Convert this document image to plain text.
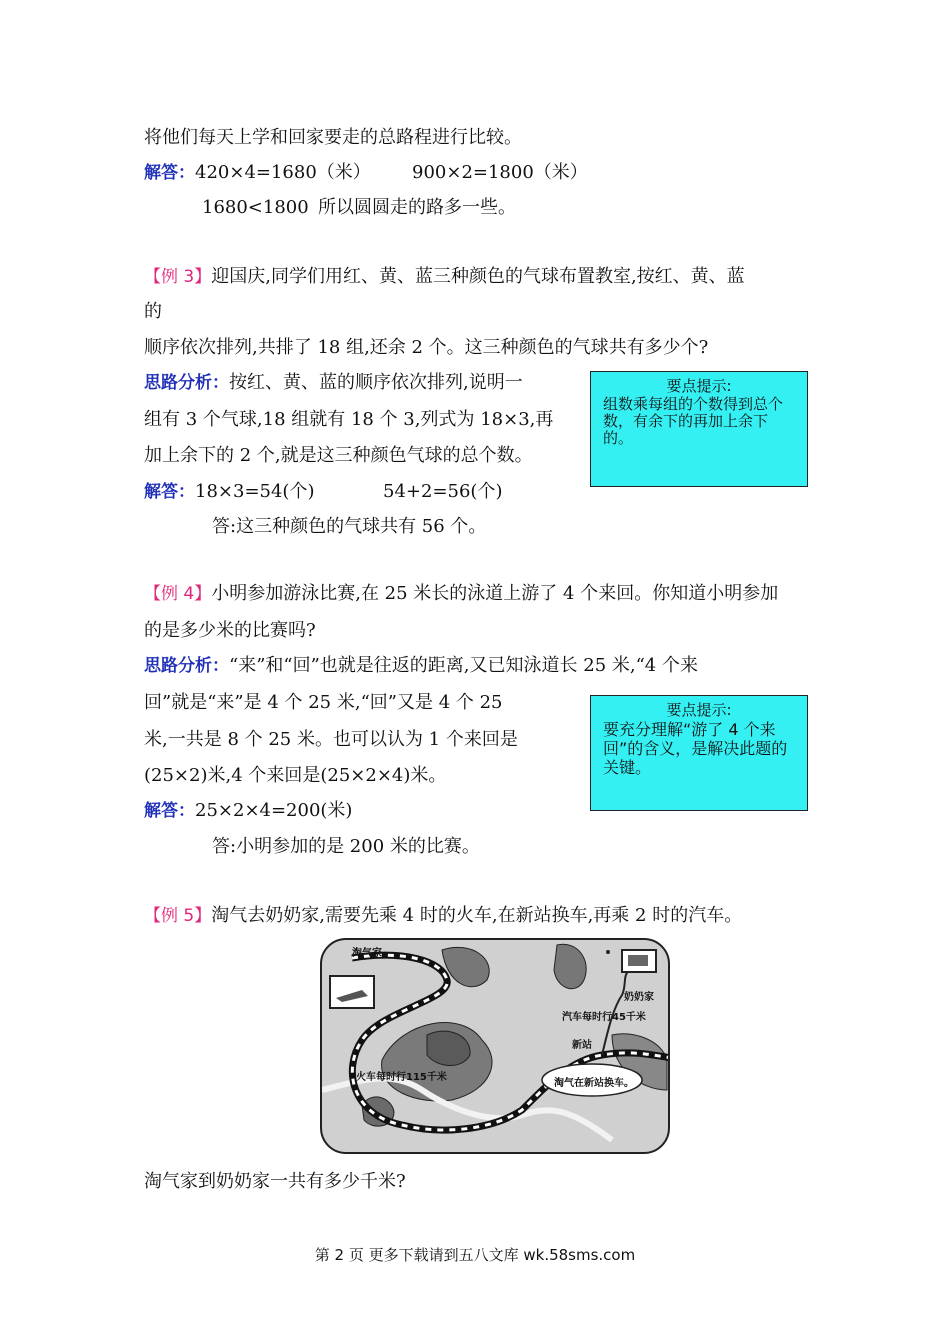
将他们每天上学和回家要走的总路程进行比较。
解答：420×4=1680（米） 900×2=1800（米）
1680<1800 所以圆圆走的路多一些。
【例 3】迎国庆,同学们用红、黄、蓝三种颜色的气球布置教室,按红、黄、蓝
的
顺序依次排列,共排了 18 组,还余 2 个。这三种颜色的气球共有多少个?
思路分析：按红、黄、蓝的顺序依次排列,说明一
组有 3 个气球,18 组就有 18 个 3,列式为 18×3,再
加上余下的 2 个,就是这三种颜色气球的总个数。
解答：18×3=54(个)	54+2=56(个)
答:这三种颜色的气球共有 56 个。
要点提示:
组数乘每组的个数得到总个数，有余下的再加上余下的。
【例 4】小明参加游泳比赛,在 25 米长的泳道上游了 4 个来回。你知道小明参加
的是多少米的比赛吗?
思路分析：“来”和“回”也就是往返的距离,又已知泳道长 25 米,“4 个来
回”就是“来”是 4 个 25 米,“回”又是 4 个 25
米,一共是 8 个 25 米。也可以认为 1 个来回是
(25×2)米,4 个来回是(25×2×4)米。
解答：25×2×4=200(米)
答:小明参加的是 200 米的比赛。
要点提示:
要充分理解“游了 4 个来回”的含义，是解决此题的关键。
【例 5】淘气去奶奶家,需要先乘 4 时的火车,在新站换车,再乘 2 时的汽车。
淘气家
奶奶家
汽车每时行45千米
新站
火车每时行115千米
淘气在新站换车。
淘气家到奶奶家一共有多少千米?
第 2 页 更多下载请到五八文库 wk.58sms.com
